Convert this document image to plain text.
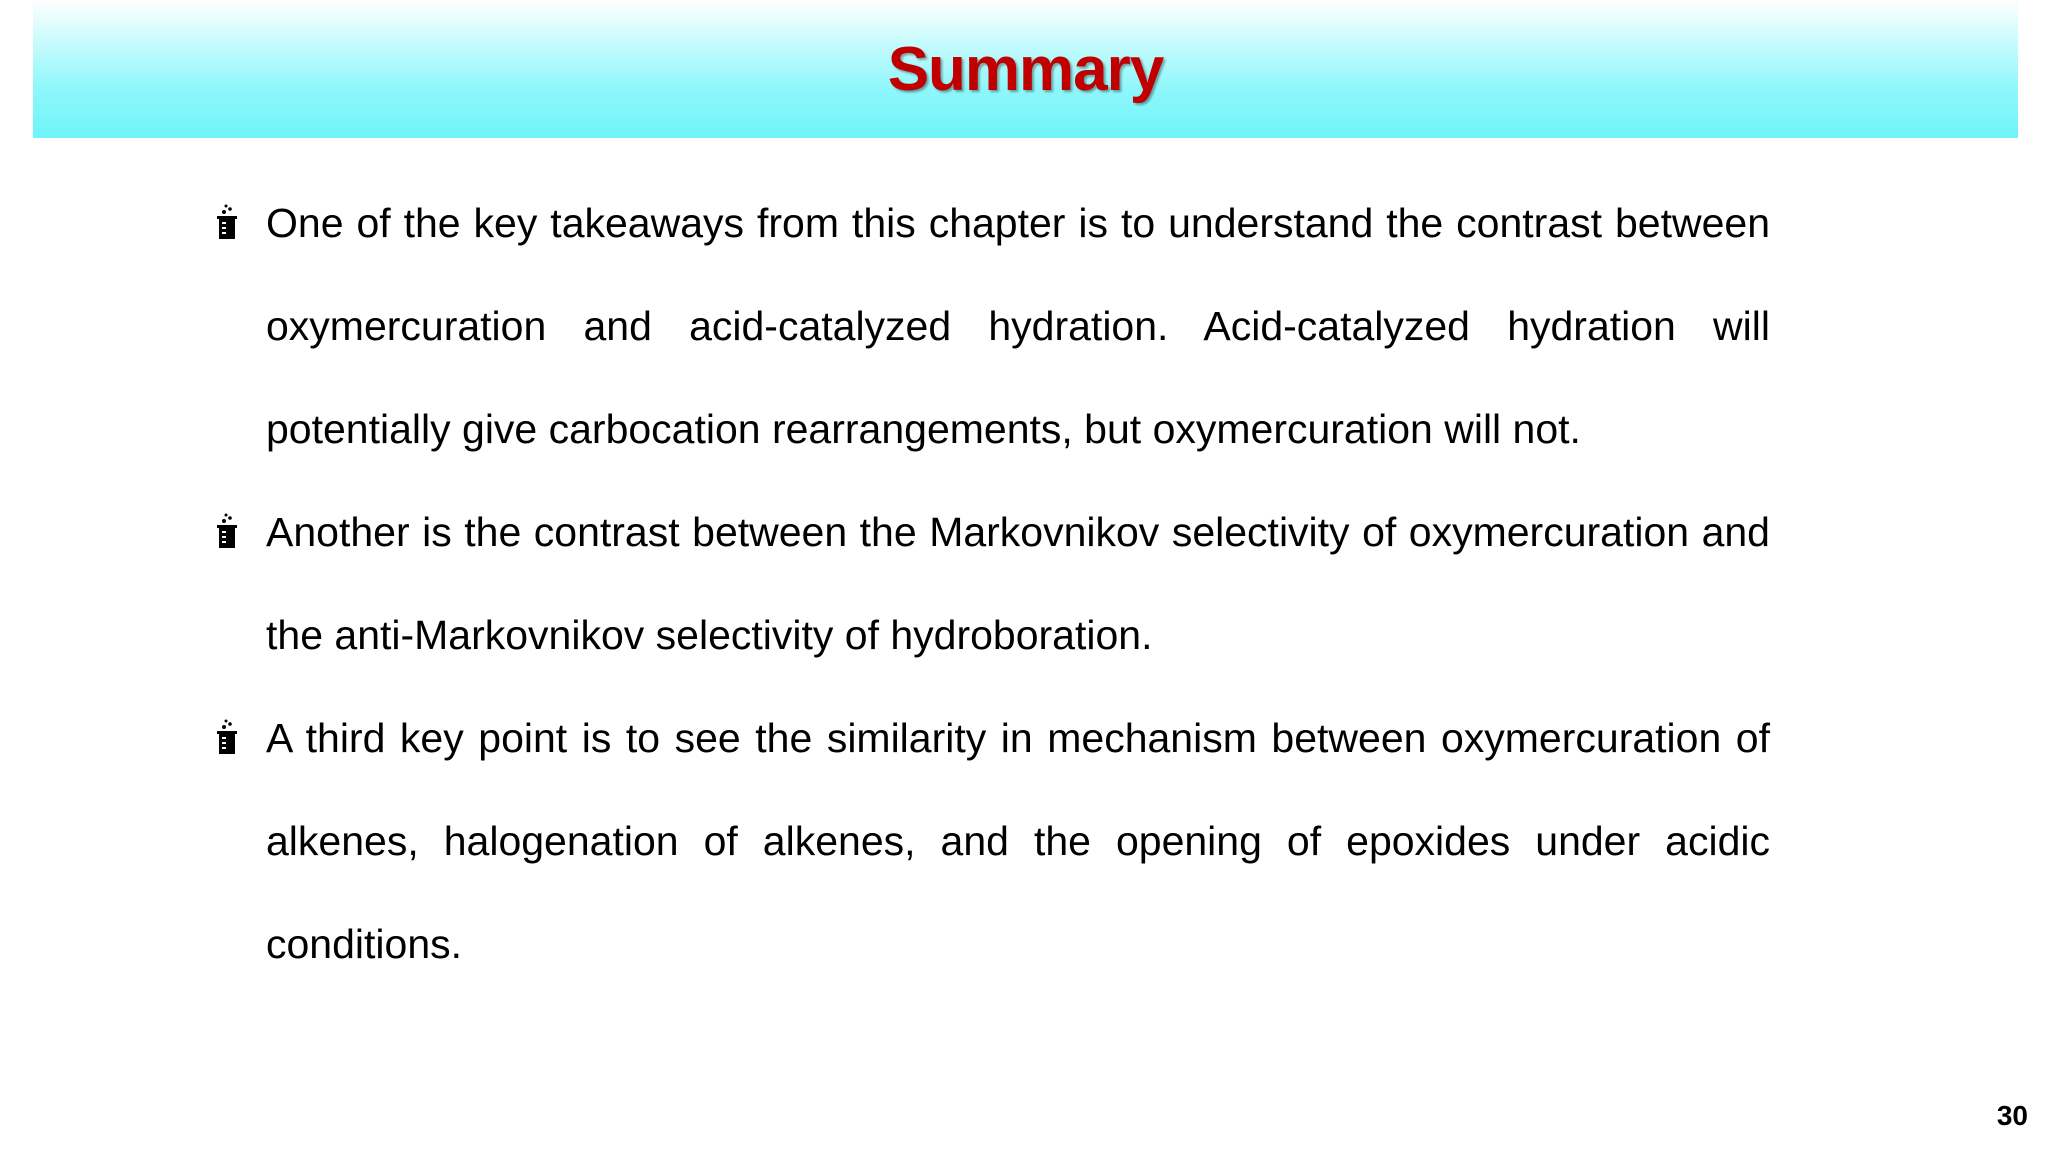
Summary
One of the key takeaways from this chapter is to understand the contrast between oxymercuration and acid-catalyzed hydration. Acid-catalyzed hydration will potentially give carbocation rearrangements, but oxymercuration will not.
Another is the contrast between the Markovnikov selectivity of oxymercuration and the anti-Markovnikov selectivity of hydroboration.
A third key point is to see the similarity in mechanism between oxymercuration of alkenes, halogenation of alkenes, and the opening of epoxides under acidic conditions.
30
